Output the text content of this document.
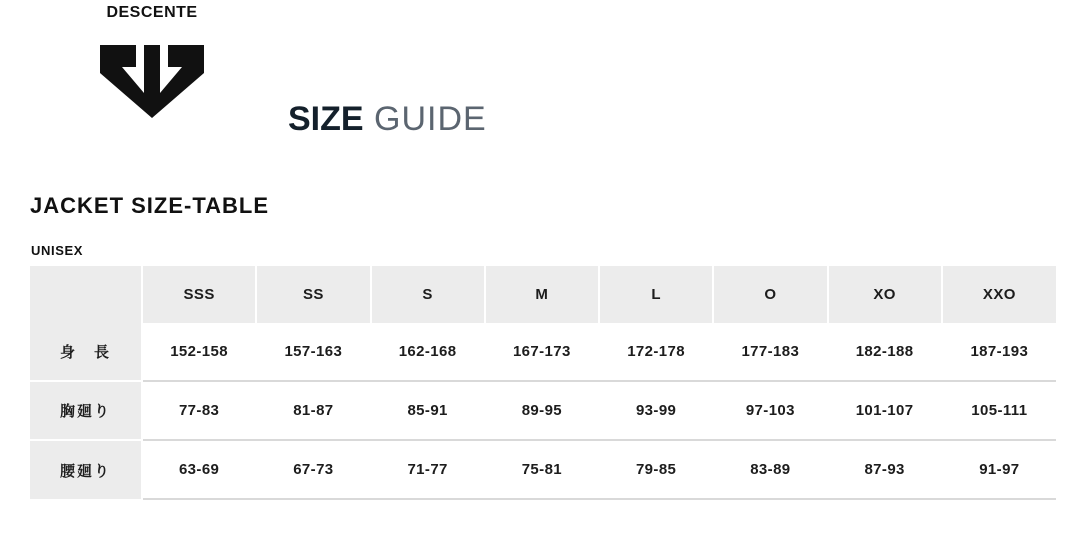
DESCENTE
SIZE GUIDE
JACKET SIZE-TABLE
UNISEX
	SSS	SS	S	M	L	O	XO	XXO
身　長	152-158	157-163	162-168	167-173	172-178	177-183	182-188	187-193
胸廻り	77-83	81-87	85-91	89-95	93-99	97-103	101-107	105-111
腰廻り	63-69	67-73	71-77	75-81	79-85	83-89	87-93	91-97
